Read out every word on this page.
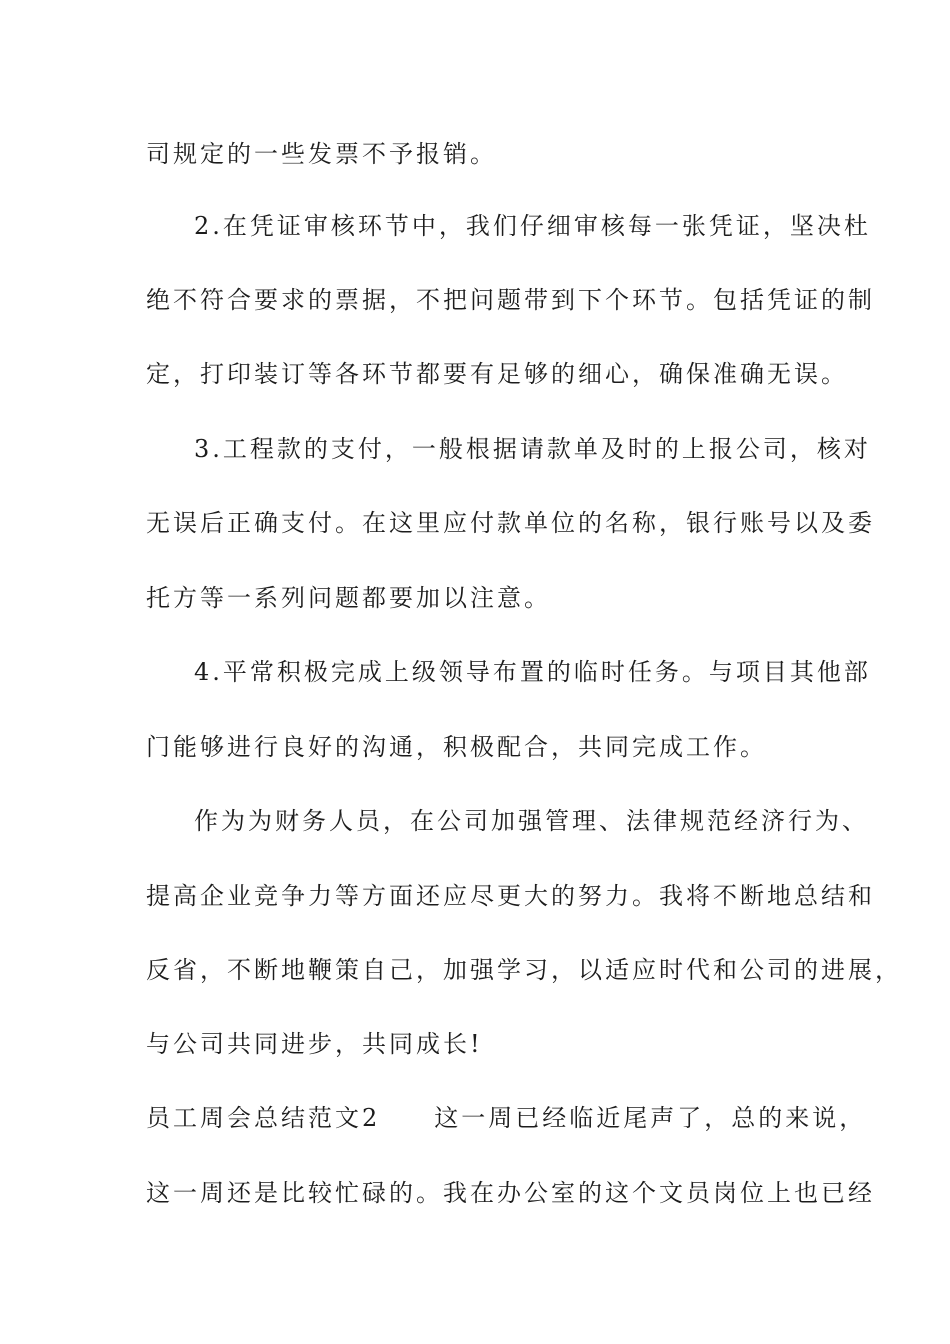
司规定的一些发票不予报销。
2.在凭证审核环节中，我们仔细审核每一张凭证，坚决杜
绝不符合要求的票据，不把问题带到下个环节。包括凭证的制
定，打印装订等各环节都要有足够的细心，确保准确无误。
3.工程款的支付，一般根据请款单及时的上报公司，核对
无误后正确支付。在这里应付款单位的名称，银行账号以及委
托方等一系列问题都要加以注意。
4.平常积极完成上级领导布置的临时任务。与项目其他部
门能够进行良好的沟通，积极配合，共同完成工作。
作为为财务人员，在公司加强管理、法律规范经济行为、
提高企业竞争力等方面还应尽更大的努力。我将不断地总结和
反省，不断地鞭策自己，加强学习，以适应时代和公司的进展，
与公司共同进步，共同成长!
员工周会总结范文2　　这一周已经临近尾声了，总的来说，
这一周还是比较忙碌的。我在办公室的这个文员岗位上也已经
